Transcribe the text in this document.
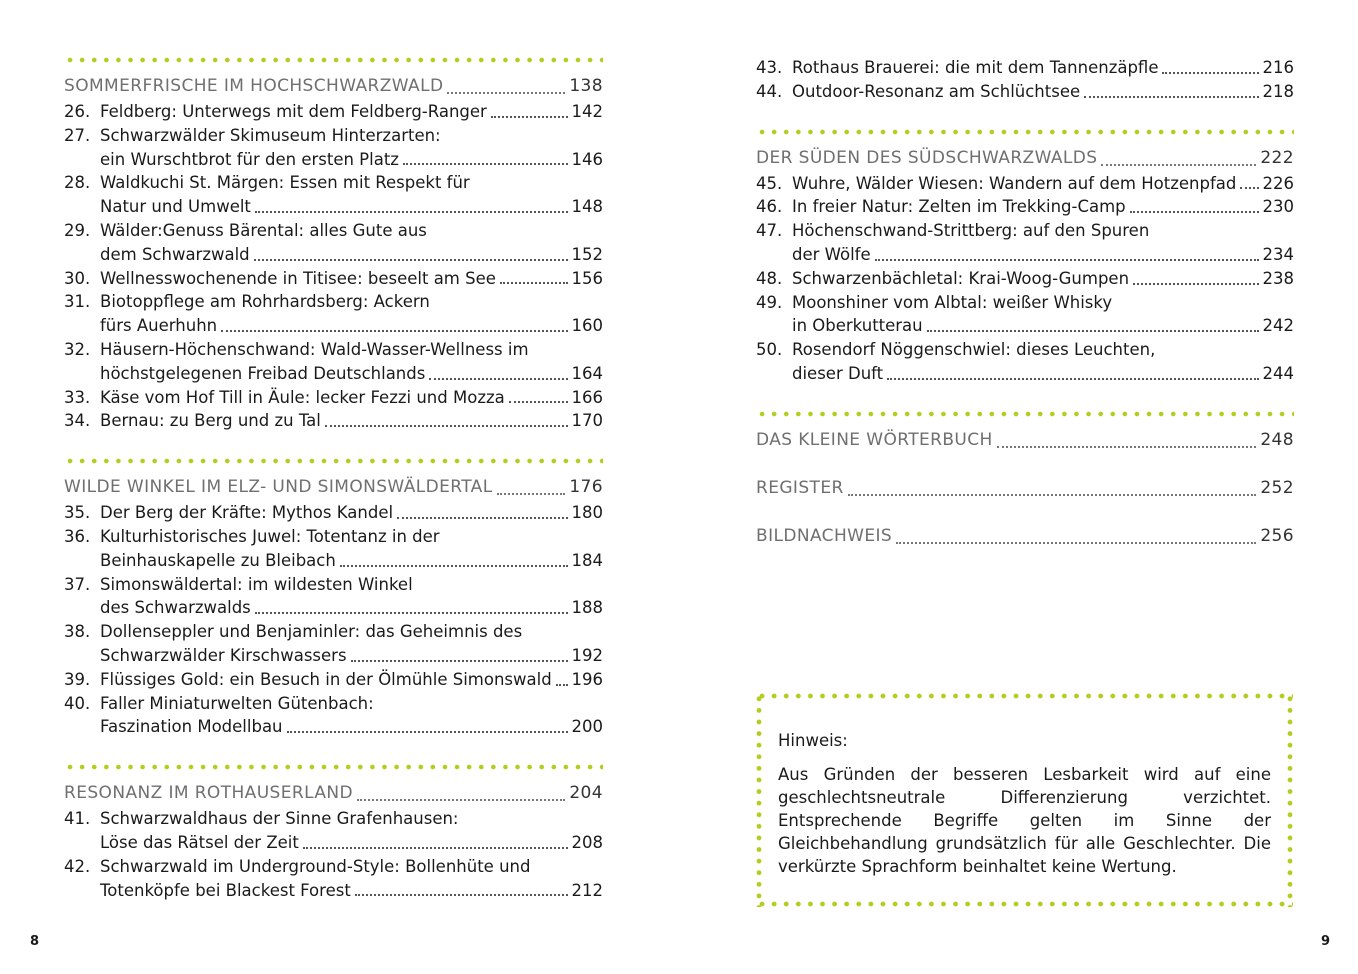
SOMMERFRISCHE IM HOCHSCHWARZWALD	138
26. Feldberg: Unterwegs mit dem Feldberg-Ranger	142
27. Schwarzwälder Skimuseum Hinterzarten:
ein Wurschtbrot für den ersten Platz	146
28. Waldkuchi St. Märgen: Essen mit Respekt für
Natur und Umwelt	148
29. Wälder:Genuss Bärental: alles Gute aus
dem Schwarzwald	152
30. Wellnesswochenende in Titisee: beseelt am See	156
31. Biotoppflege am Rohrhardsberg: Ackern
fürs Auerhuhn	160
32. Häusern-Höchenschwand: Wald-Wasser-Wellness im
höchstgelegenen Freibad Deutschlands	164
33. Käse vom Hof Till in Äule: lecker Fezzi und Mozza	166
34. Bernau: zu Berg und zu Tal	170
WILDE WINKEL IM ELZ- UND SIMONSWÄLDERTAL	176
35. Der Berg der Kräfte: Mythos Kandel	180
36. Kulturhistorisches Juwel: Totentanz in der
Beinhauskapelle zu Bleibach	184
37. Simonswäldertal: im wildesten Winkel
des Schwarzwalds	188
38. Dollenseppler und Benjaminler: das Geheimnis des
Schwarzwälder Kirschwassers	192
39. Flüssiges Gold: ein Besuch in der Ölmühle Simonswald 196
40. Faller Miniaturwelten Gütenbach:
Faszination Modellbau	200
RESONANZ IM ROTHAUSERLAND	204
41. Schwarzwaldhaus der Sinne Grafenhausen:
Löse das Rätsel der Zeit	208
42. Schwarzwald im Underground-Style: Bollenhüte und
Totenköpfe bei Blackest Forest	212
43. Rothaus Brauerei: die mit dem Tannenzäpfle	216
44. Outdoor-Resonanz am Schlüchtsee	218
DER SÜDEN DES SÜDSCHWARZWALDS	222
45. Wuhre, Wälder Wiesen: Wandern auf dem Hotzenpfad 226
46. In freier Natur: Zelten im Trekking-Camp	230
47. Höchenschwand-Strittberg: auf den Spuren
der Wölfe	234
48. Schwarzenbächletal: Krai-Woog-Gumpen	238
49. Moonshiner vom Albtal: weißer Whisky
in Oberkutterau	242
50. Rosendorf Nöggenschwiel: dieses Leuchten,
dieser Duft	244
DAS KLEINE WÖRTERBUCH	248
REGISTER	252
BILDNACHWEIS	256
Hinweis:
Aus Gründen der besseren Lesbarkeit wird auf eine geschlechtsneutrale Differenzierung verzichtet. Entsprechende Begriffe gelten im Sinne der Gleichbehandlung grundsätzlich für alle Geschlechter. Die verkürzte Sprachform beinhaltet keine Wertung.
8	9
